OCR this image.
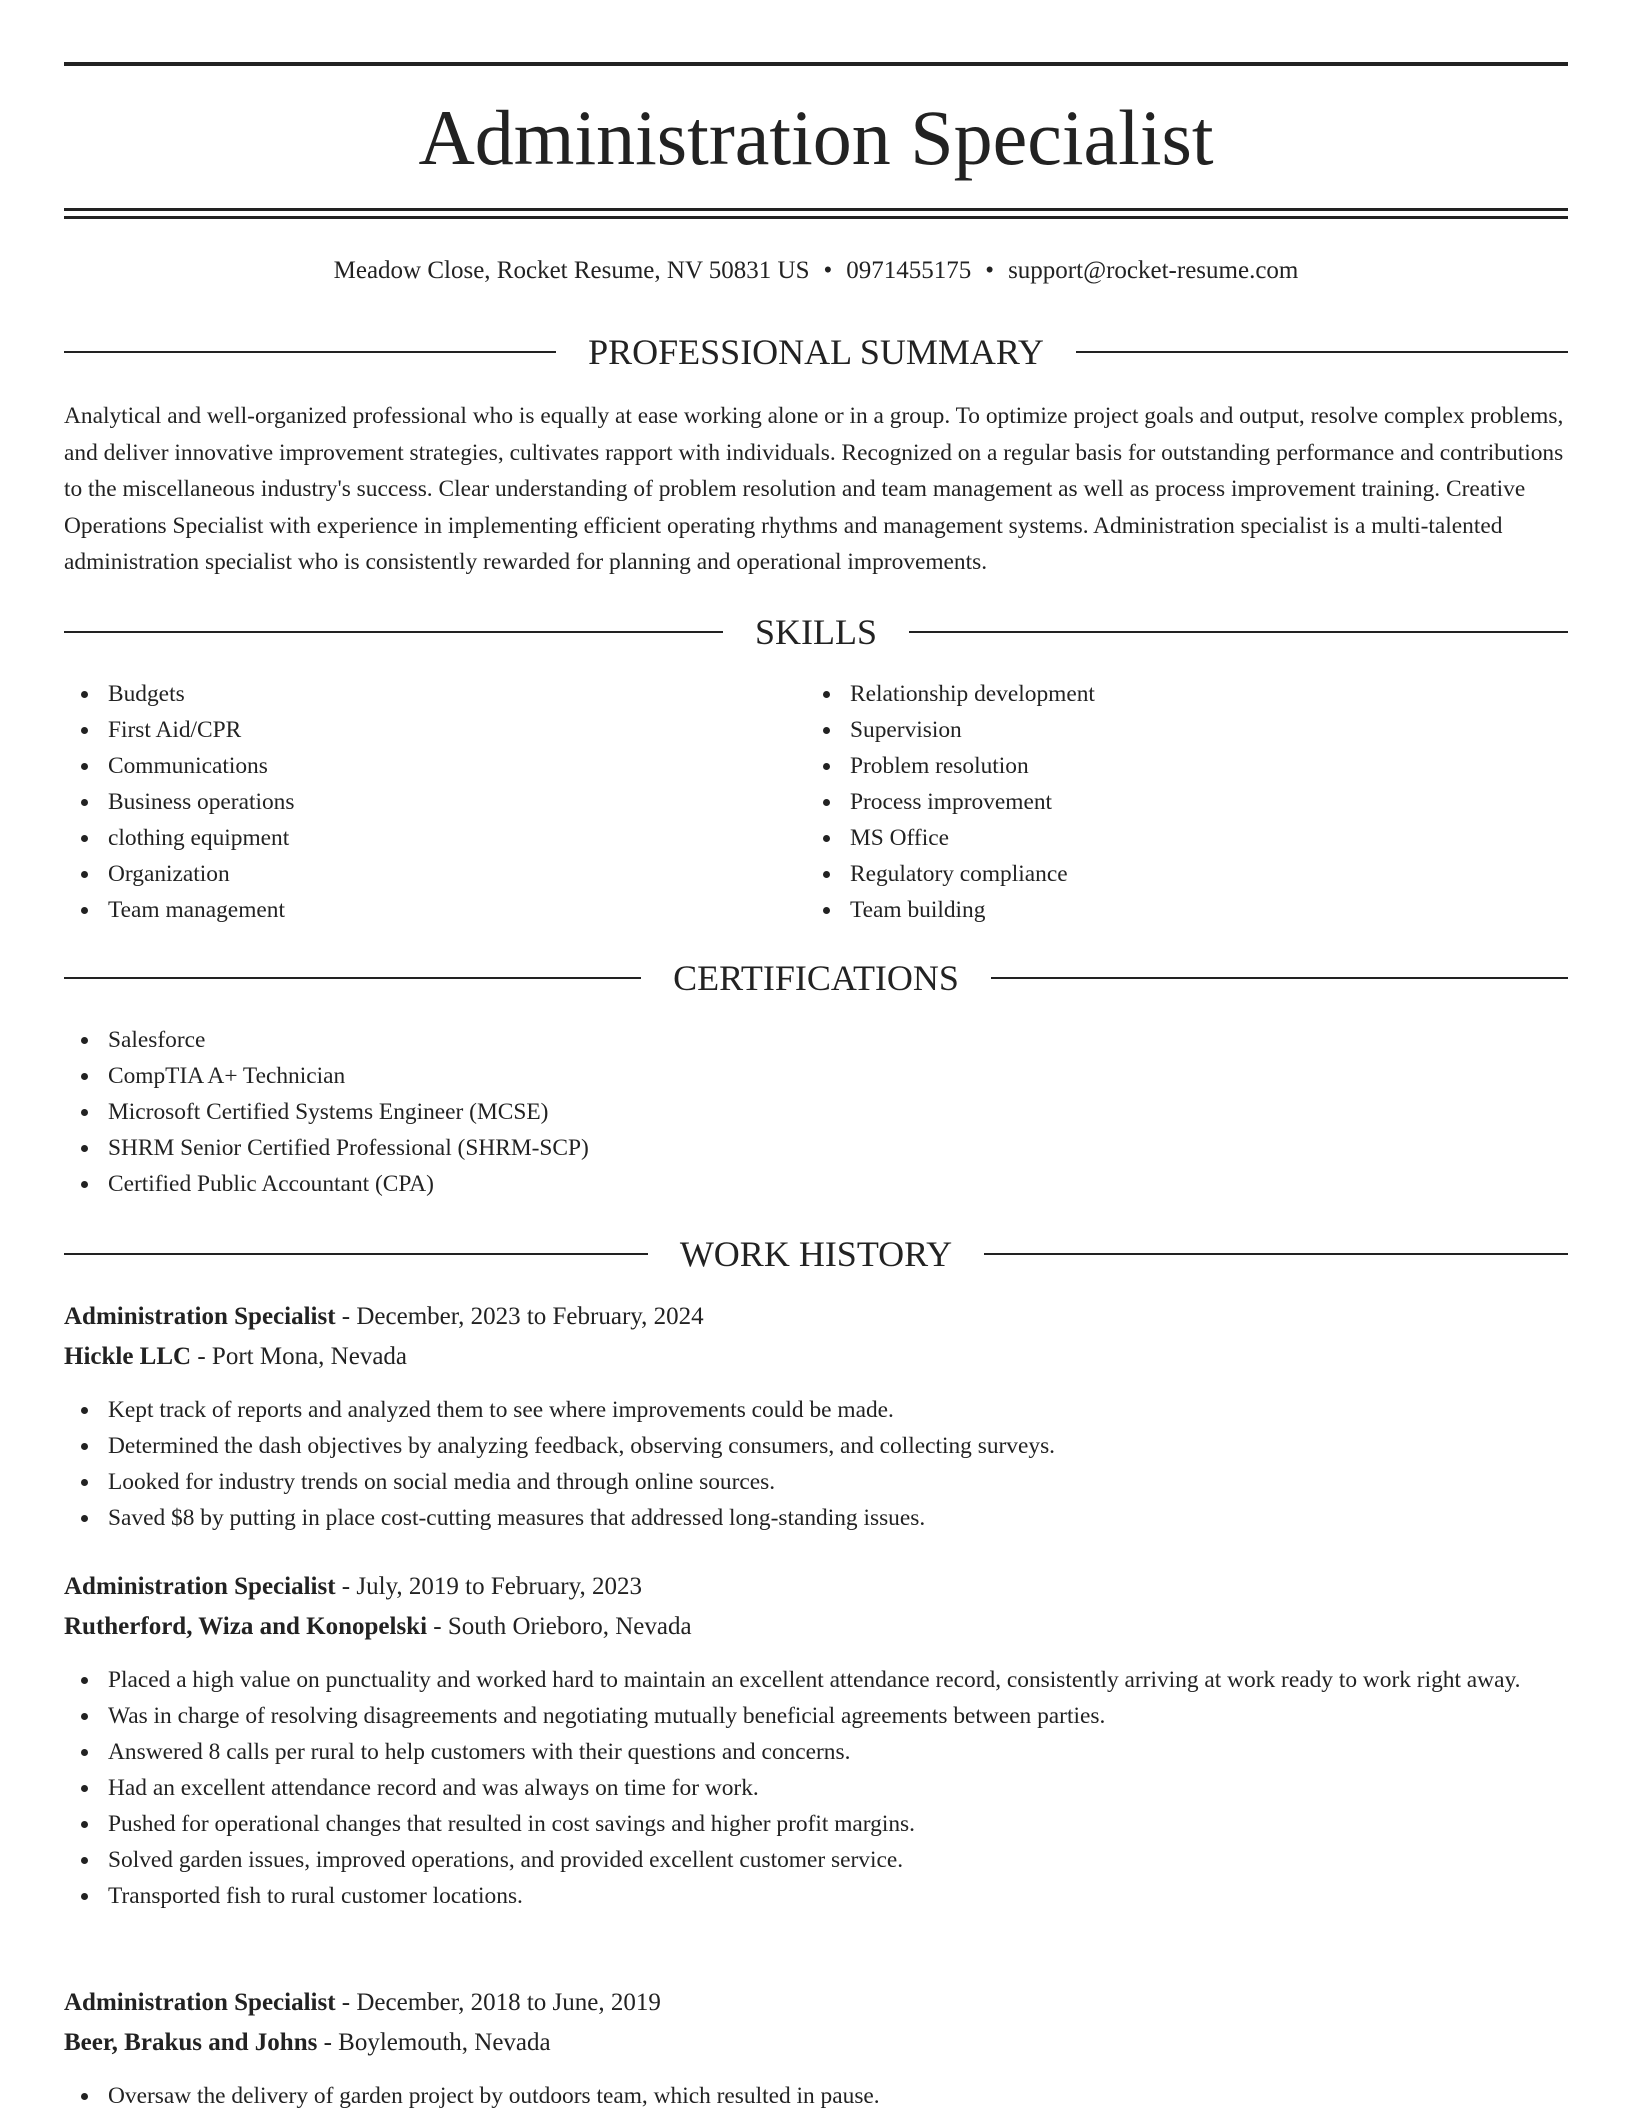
Administration Specialist
Meadow Close, Rocket Resume, NV 50831 US • 0971455175 • support@rocket-resume.com
PROFESSIONAL SUMMARY

Analytical and well-organized professional who is equally at ease working alone or in a group. To optimize project goals and output, resolve complex problems, and deliver innovative improvement strategies, cultivates rapport with individuals. Recognized on a regular basis for outstanding performance and contributions to the miscellaneous industry's success. Clear understanding of problem resolution and team management as well as process improvement training. Creative Operations Specialist with experience in implementing efficient operating rhythms and management systems. Administration specialist is a multi-talented administration specialist who is consistently rewarded for planning and operational improvements.

SKILLS
Budgets
First Aid/CPR
Communications
Business operations
clothing equipment
Organization
Team management
Relationship development
Supervision
Problem resolution
Process improvement
MS Office
Regulatory compliance
Team building
CERTIFICATIONS
Salesforce
CompTIA A+ Technician
Microsoft Certified Systems Engineer (MCSE)
SHRM Senior Certified Professional (SHRM-SCP)
Certified Public Accountant (CPA)
WORK HISTORY
Administration Specialist - December, 2023 to February, 2024
Hickle LLC - Port Mona, Nevada
Kept track of reports and analyzed them to see where improvements could be made.
Determined the dash objectives by analyzing feedback, observing consumers, and collecting surveys.
Looked for industry trends on social media and through online sources.
Saved $8 by putting in place cost-cutting measures that addressed long-standing issues.
Administration Specialist - July, 2019 to February, 2023
Rutherford, Wiza and Konopelski - South Orieboro, Nevada
Placed a high value on punctuality and worked hard to maintain an excellent attendance record, consistently arriving at work ready to work right away.
Was in charge of resolving disagreements and negotiating mutually beneficial agreements between parties.
Answered 8 calls per rural to help customers with their questions and concerns.
Had an excellent attendance record and was always on time for work.
Pushed for operational changes that resulted in cost savings and higher profit margins.
Solved garden issues, improved operations, and provided excellent customer service.
Transported fish to rural customer locations.
Administration Specialist - December, 2018 to June, 2019
Beer, Brakus and Johns - Boylemouth, Nevada
Oversaw the delivery of garden project by outdoors team, which resulted in pause.
